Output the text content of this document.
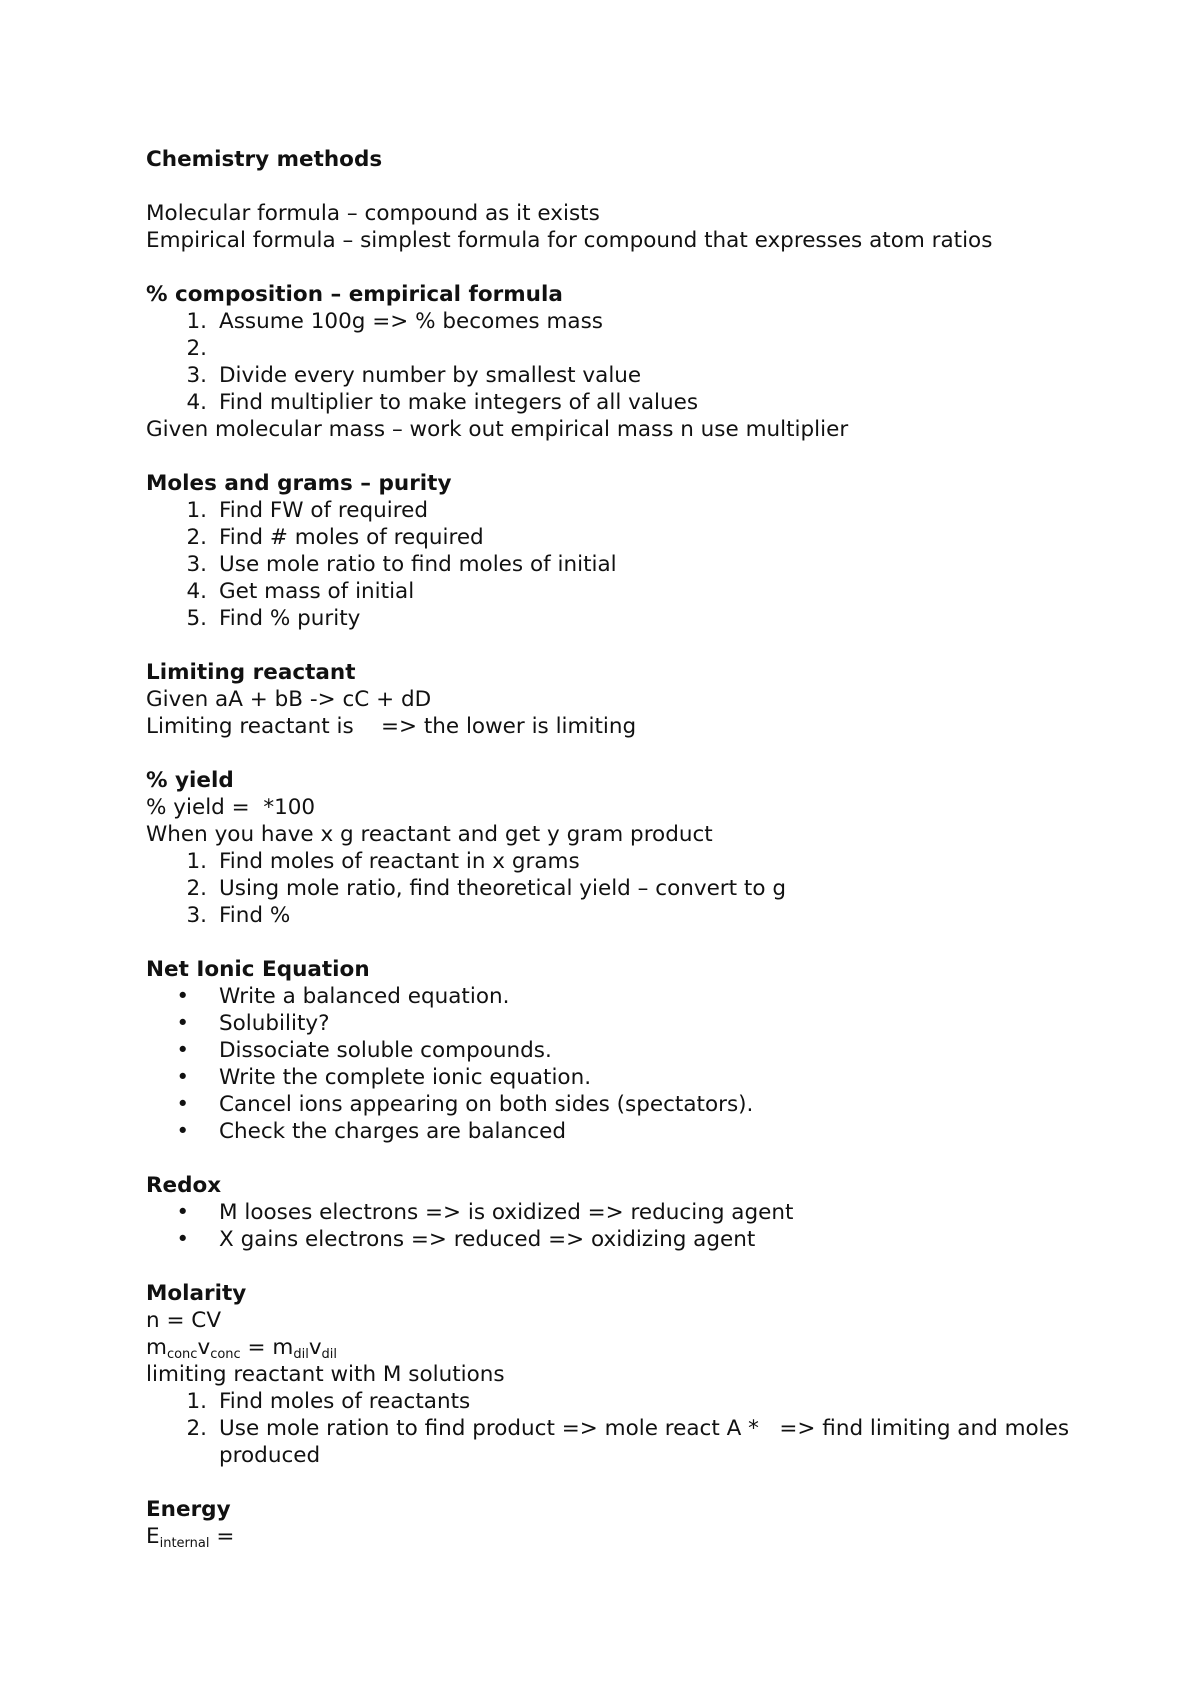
Chemistry methods
Molecular formula – compound as it exists
Empirical formula – simplest formula for compound that expresses atom ratios
% composition – empirical formula
1. Assume 100g => % becomes mass
2.
3. Divide every number by smallest value
4. Find multiplier to make integers of all values
Given molecular mass – work out empirical mass n use multiplier
Moles and grams – purity
1. Find FW of required
2. Find # moles of required
3. Use mole ratio to find moles of initial
4. Get mass of initial
5. Find % purity
Limiting reactant
Given aA + bB -> cC + dD
Limiting reactant is    => the lower is limiting
% yield
% yield =  *100
When you have x g reactant and get y gram product
1. Find moles of reactant in x grams
2. Using mole ratio, find theoretical yield – convert to g
3. Find %
Net Ionic Equation
•	Write a balanced equation.
•	Solubility?
•	Dissociate soluble compounds.
•	Write the complete ionic equation.
•	Cancel ions appearing on both sides (spectators).
•	Check the charges are balanced
Redox
•	M looses electrons => is oxidized => reducing agent
•	X gains electrons => reduced => oxidizing agent
Molarity
n = CV
$m_{conc}v_{conc} = m_{dil}v_{dil}$
limiting reactant with M solutions
1. Find moles of reactants
2. Use mole ration to find product => mole react A *   => find limiting and moles produced
Energy
$E_{internal}$ =
